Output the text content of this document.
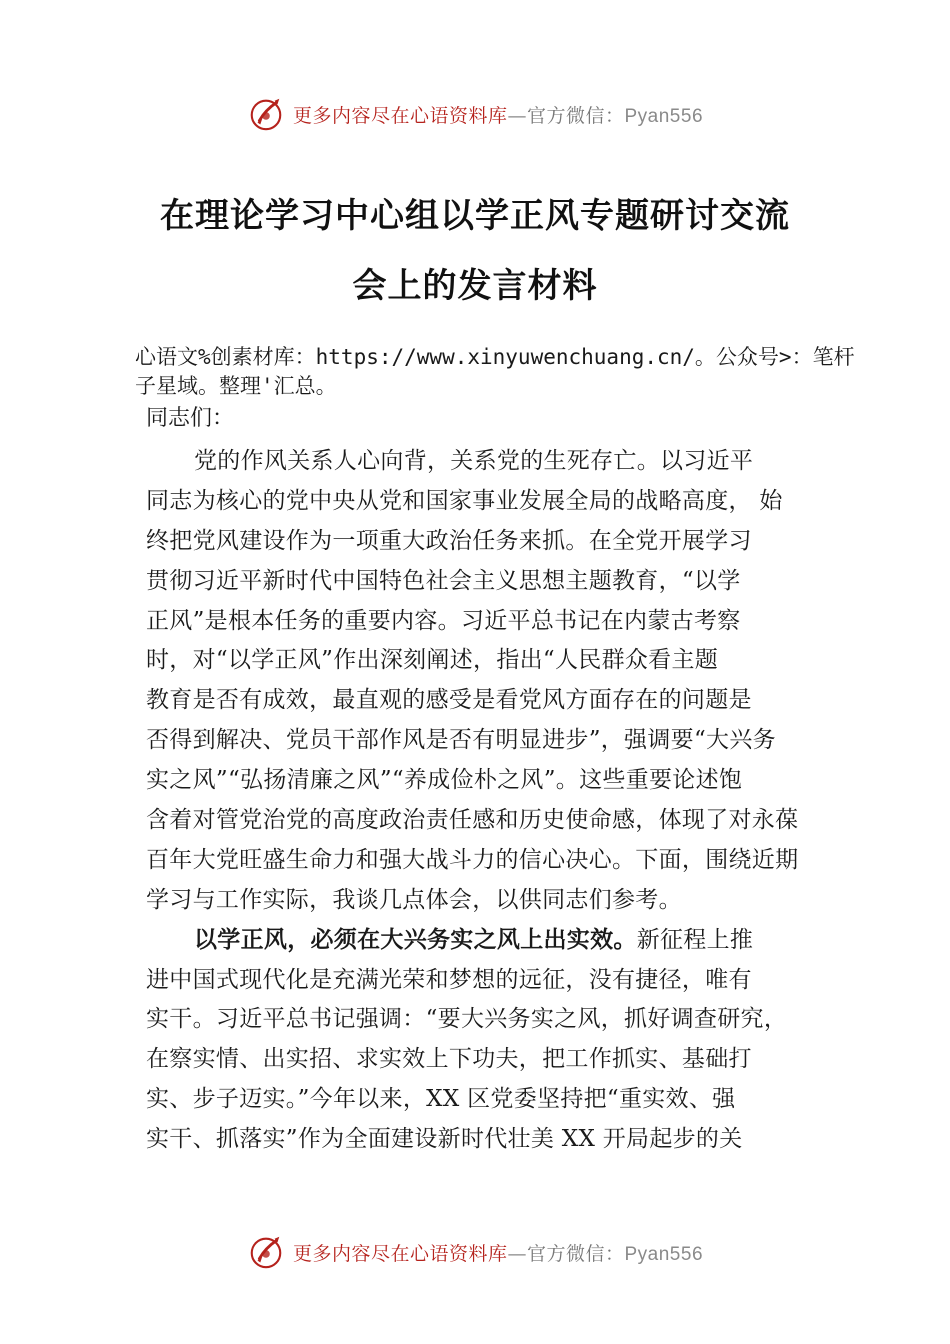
更多内容尽在心语资料库—官方微信：Pyan556
在理论学习中心组以学正风专题研讨交流
会上的发言材料
心语文%创素材库：https://www.xinyuwenchuang.cn/。公众号>：笔杆子星域。整理'汇总。
同志们：
党的作风关系人心向背，关系党的生死存亡。以习近平
同志为核心的党中央从党和国家事业发展全局的战略高度， 始
终把党风建设作为一项重大政治任务来抓。在全党开展学习
贯彻习近平新时代中国特色社会主义思想主题教育，“以学
正风”是根本任务的重要内容。习近平总书记在内蒙古考察
时，对“以学正风”作出深刻阐述，指出“人民群众看主题
教育是否有成效，最直观的感受是看党风方面存在的问题是
否得到解决、党员干部作风是否有明显进步”，强调要“大兴务
实之风”“弘扬清廉之风”“养成俭朴之风”。这些重要论述饱
含着对管党治党的高度政治责任感和历史使命感，体现了对永葆
百年大党旺盛生命力和强大战斗力的信心决心。下面，围绕近期
学习与工作实际，我谈几点体会，以供同志们参考。
以学正风，必须在大兴务实之风上出实效。新征程上推
进中国式现代化是充满光荣和梦想的远征，没有捷径，唯有
实干。习近平总书记强调：“要大兴务实之风，抓好调查研究，
在察实情、出实招、求实效上下功夫，把工作抓实、基础打
实、步子迈实。”今年以来，XX 区党委坚持把“重实效、强
实干、抓落实”作为全面建设新时代壮美 XX 开局起步的关
更多内容尽在心语资料库—官方微信：Pyan556
